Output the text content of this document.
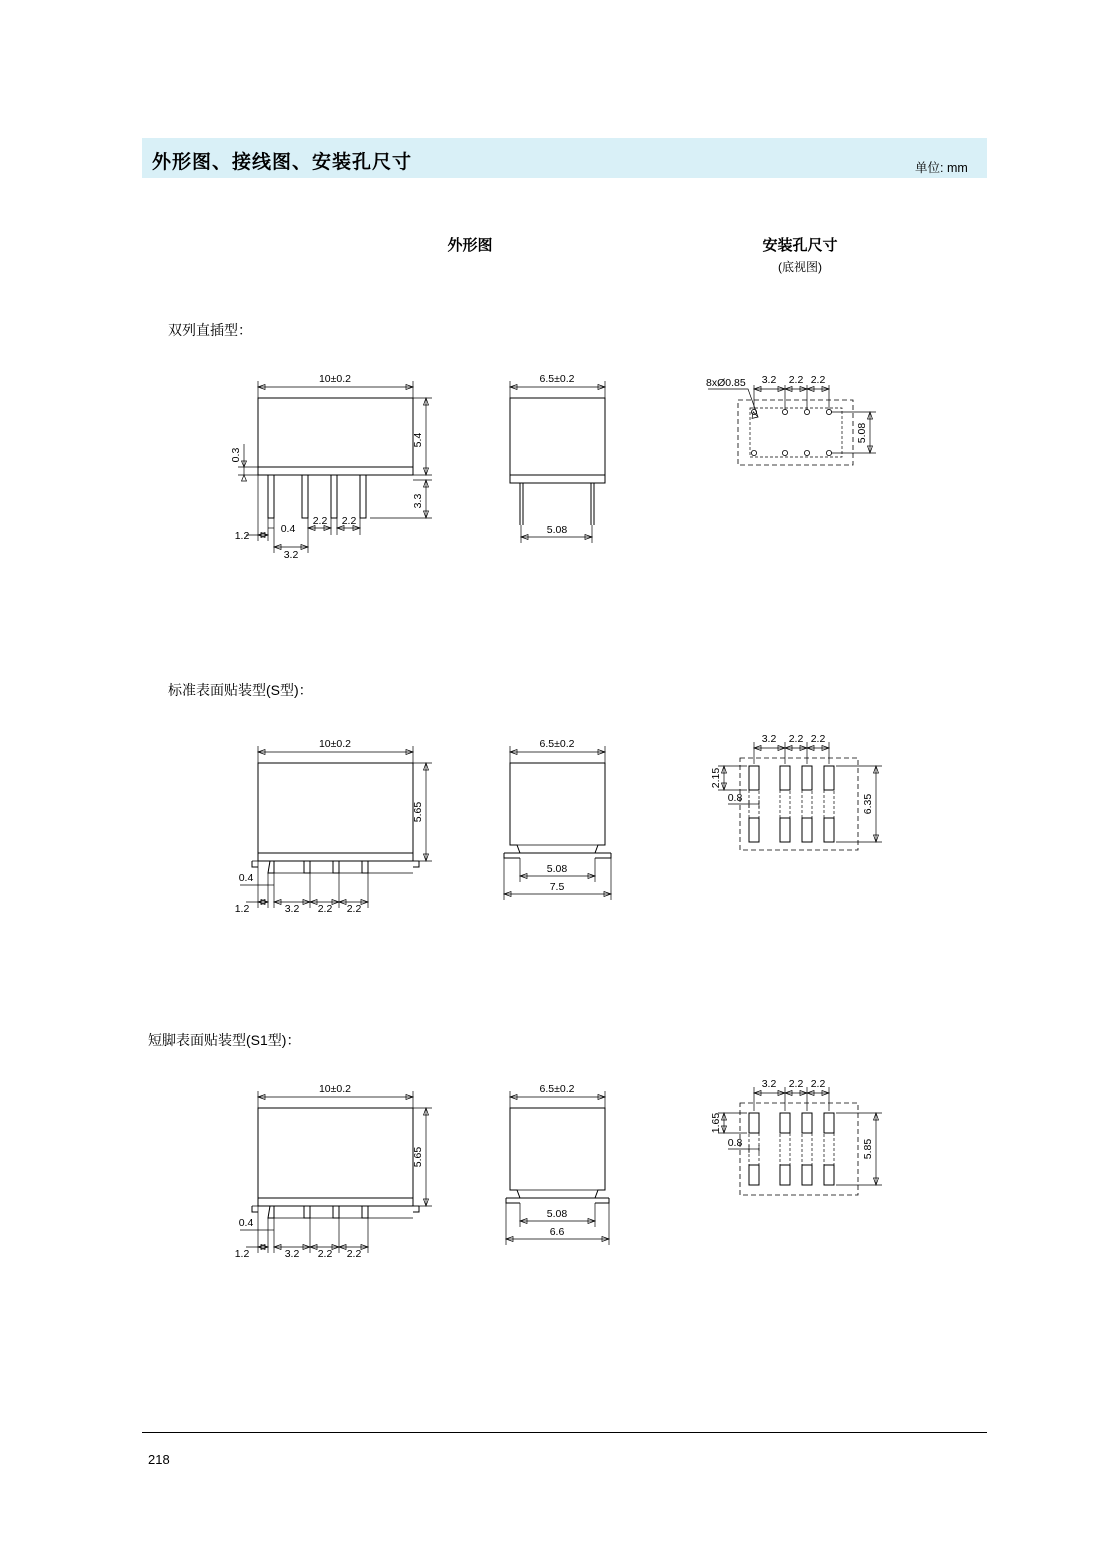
外形图、接线图、安装孔尺寸	单位: mm
外形图	安装孔尺寸
(底视图)
双列直插型：
10±0.2
5.4
3.3
0.3
1.2
0.4
2.2 2.2
3.2
6.5±0.2
5.08
8xØ0.85 3.2 2.2 2.2
5.08
标准表面贴装型(S型)：
10±0.2
5.65
0.4
1.2	3.2 2.2 2.2
6.5±0.2
5.08
7.5
3.2 2.2 2.2
2.15
0.8	6.35
短脚表面贴装型(S1型)：
10±0.2
5.65
0.4
1.2	3.2 2.2 2.2
6.5±0.2
5.08
6.6
3.2 2.2 2.2
1.65
0.8	5.85
218
